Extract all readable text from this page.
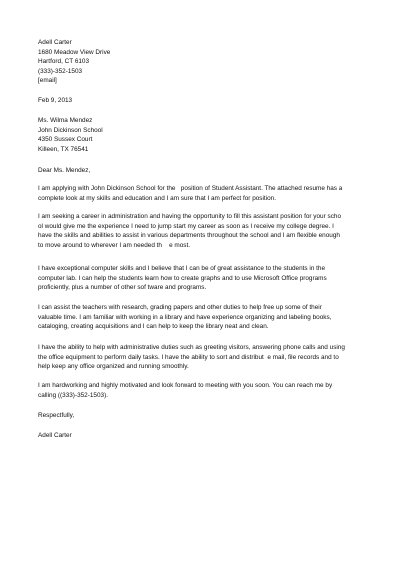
Adell Carter
1680 Meadow View Drive
Hartford, CT 6103
(333)-352-1503
[email]
Feb 9, 2013
Ms. Wilma Mendez
John Dickinson School
4350 Sussex Court
Killeen, TX 76541
Dear Ms. Mendez,
I am applying with John Dickinson School for the   position of Student Assistant. The attached resume has a
complete look at my skills and education and I am sure that I am perfect for position.
I am seeking a career in administration and having the opportunity to fill this assistant position for your scho
ol would give me the experience I need to jump start my career as soon as I receive my college degree. I
have the skills and abilities to assist in various departments throughout the school and I am flexible enough
to move around to wherever I am needed th    e most.
I have exceptional computer skills and I believe that I can be of great assistance to the students in the
computer lab. I can help the students learn how to create graphs and to use Microsoft Office programs
proficiently, plus a number of other sof tware and programs.
I can assist the teachers with research, grading papers and other duties to help free up some of their
valuable time. I am familiar with working in a library and have experience organizing and labeling books,
cataloging, creating acquisitions and I can help to keep the library neat and clean.
I have the ability to help with administrative duties such as greeting visitors, answering phone calls and using
the office equipment to perform daily tasks. I have the ability to sort and distribut  e mail, file records and to
help keep any office organized and running smoothly.
I am hardworking and highly motivated and look forward to meeting with you soon. You can reach me by
calling ((333)-352-1503).
Respectfully,
Adell Carter
